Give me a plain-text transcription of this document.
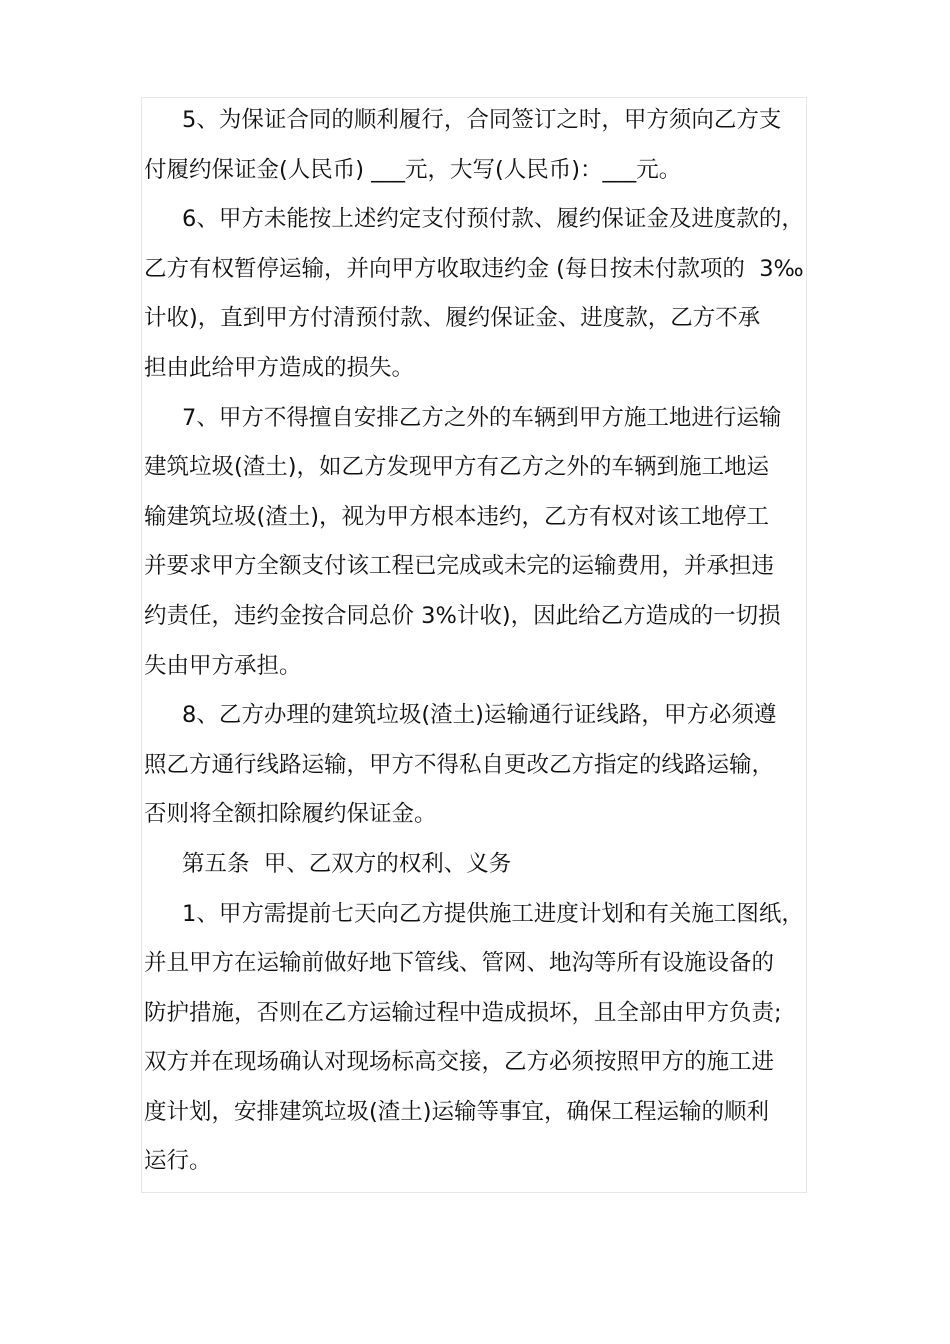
5、为保证合同的顺利履行，合同签订之时，甲方须向乙方支
付履约保证金(人民币) ___元，大写(人民币)：___元。
6、甲方未能按上述约定支付预付款、履约保证金及进度款的，
乙方有权暂停运输，并向甲方收取违约金 (每日按未付款项的  3‰
计收)，直到甲方付清预付款、履约保证金、进度款，乙方不承
担由此给甲方造成的损失。
7、甲方不得擅自安排乙方之外的车辆到甲方施工地进行运输
建筑垃圾(渣土)，如乙方发现甲方有乙方之外的车辆到施工地运
输建筑垃圾(渣土)，视为甲方根本违约，乙方有权对该工地停工
并要求甲方全额支付该工程已完成或未完的运输费用，并承担违
约责任，违约金按合同总价 3%计收)，因此给乙方造成的一切损
失由甲方承担。
8、乙方办理的建筑垃圾(渣土)运输通行证线路，甲方必须遵
照乙方通行线路运输，甲方不得私自更改乙方指定的线路运输，
否则将全额扣除履约保证金。
第五条  甲、乙双方的权利、义务
1、甲方需提前七天向乙方提供施工进度计划和有关施工图纸，
并且甲方在运输前做好地下管线、管网、地沟等所有设施设备的
防护措施，否则在乙方运输过程中造成损坏，且全部由甲方负责;
双方并在现场确认对现场标高交接，乙方必须按照甲方的施工进
度计划，安排建筑垃圾(渣土)运输等事宜，确保工程运输的顺利
运行。
